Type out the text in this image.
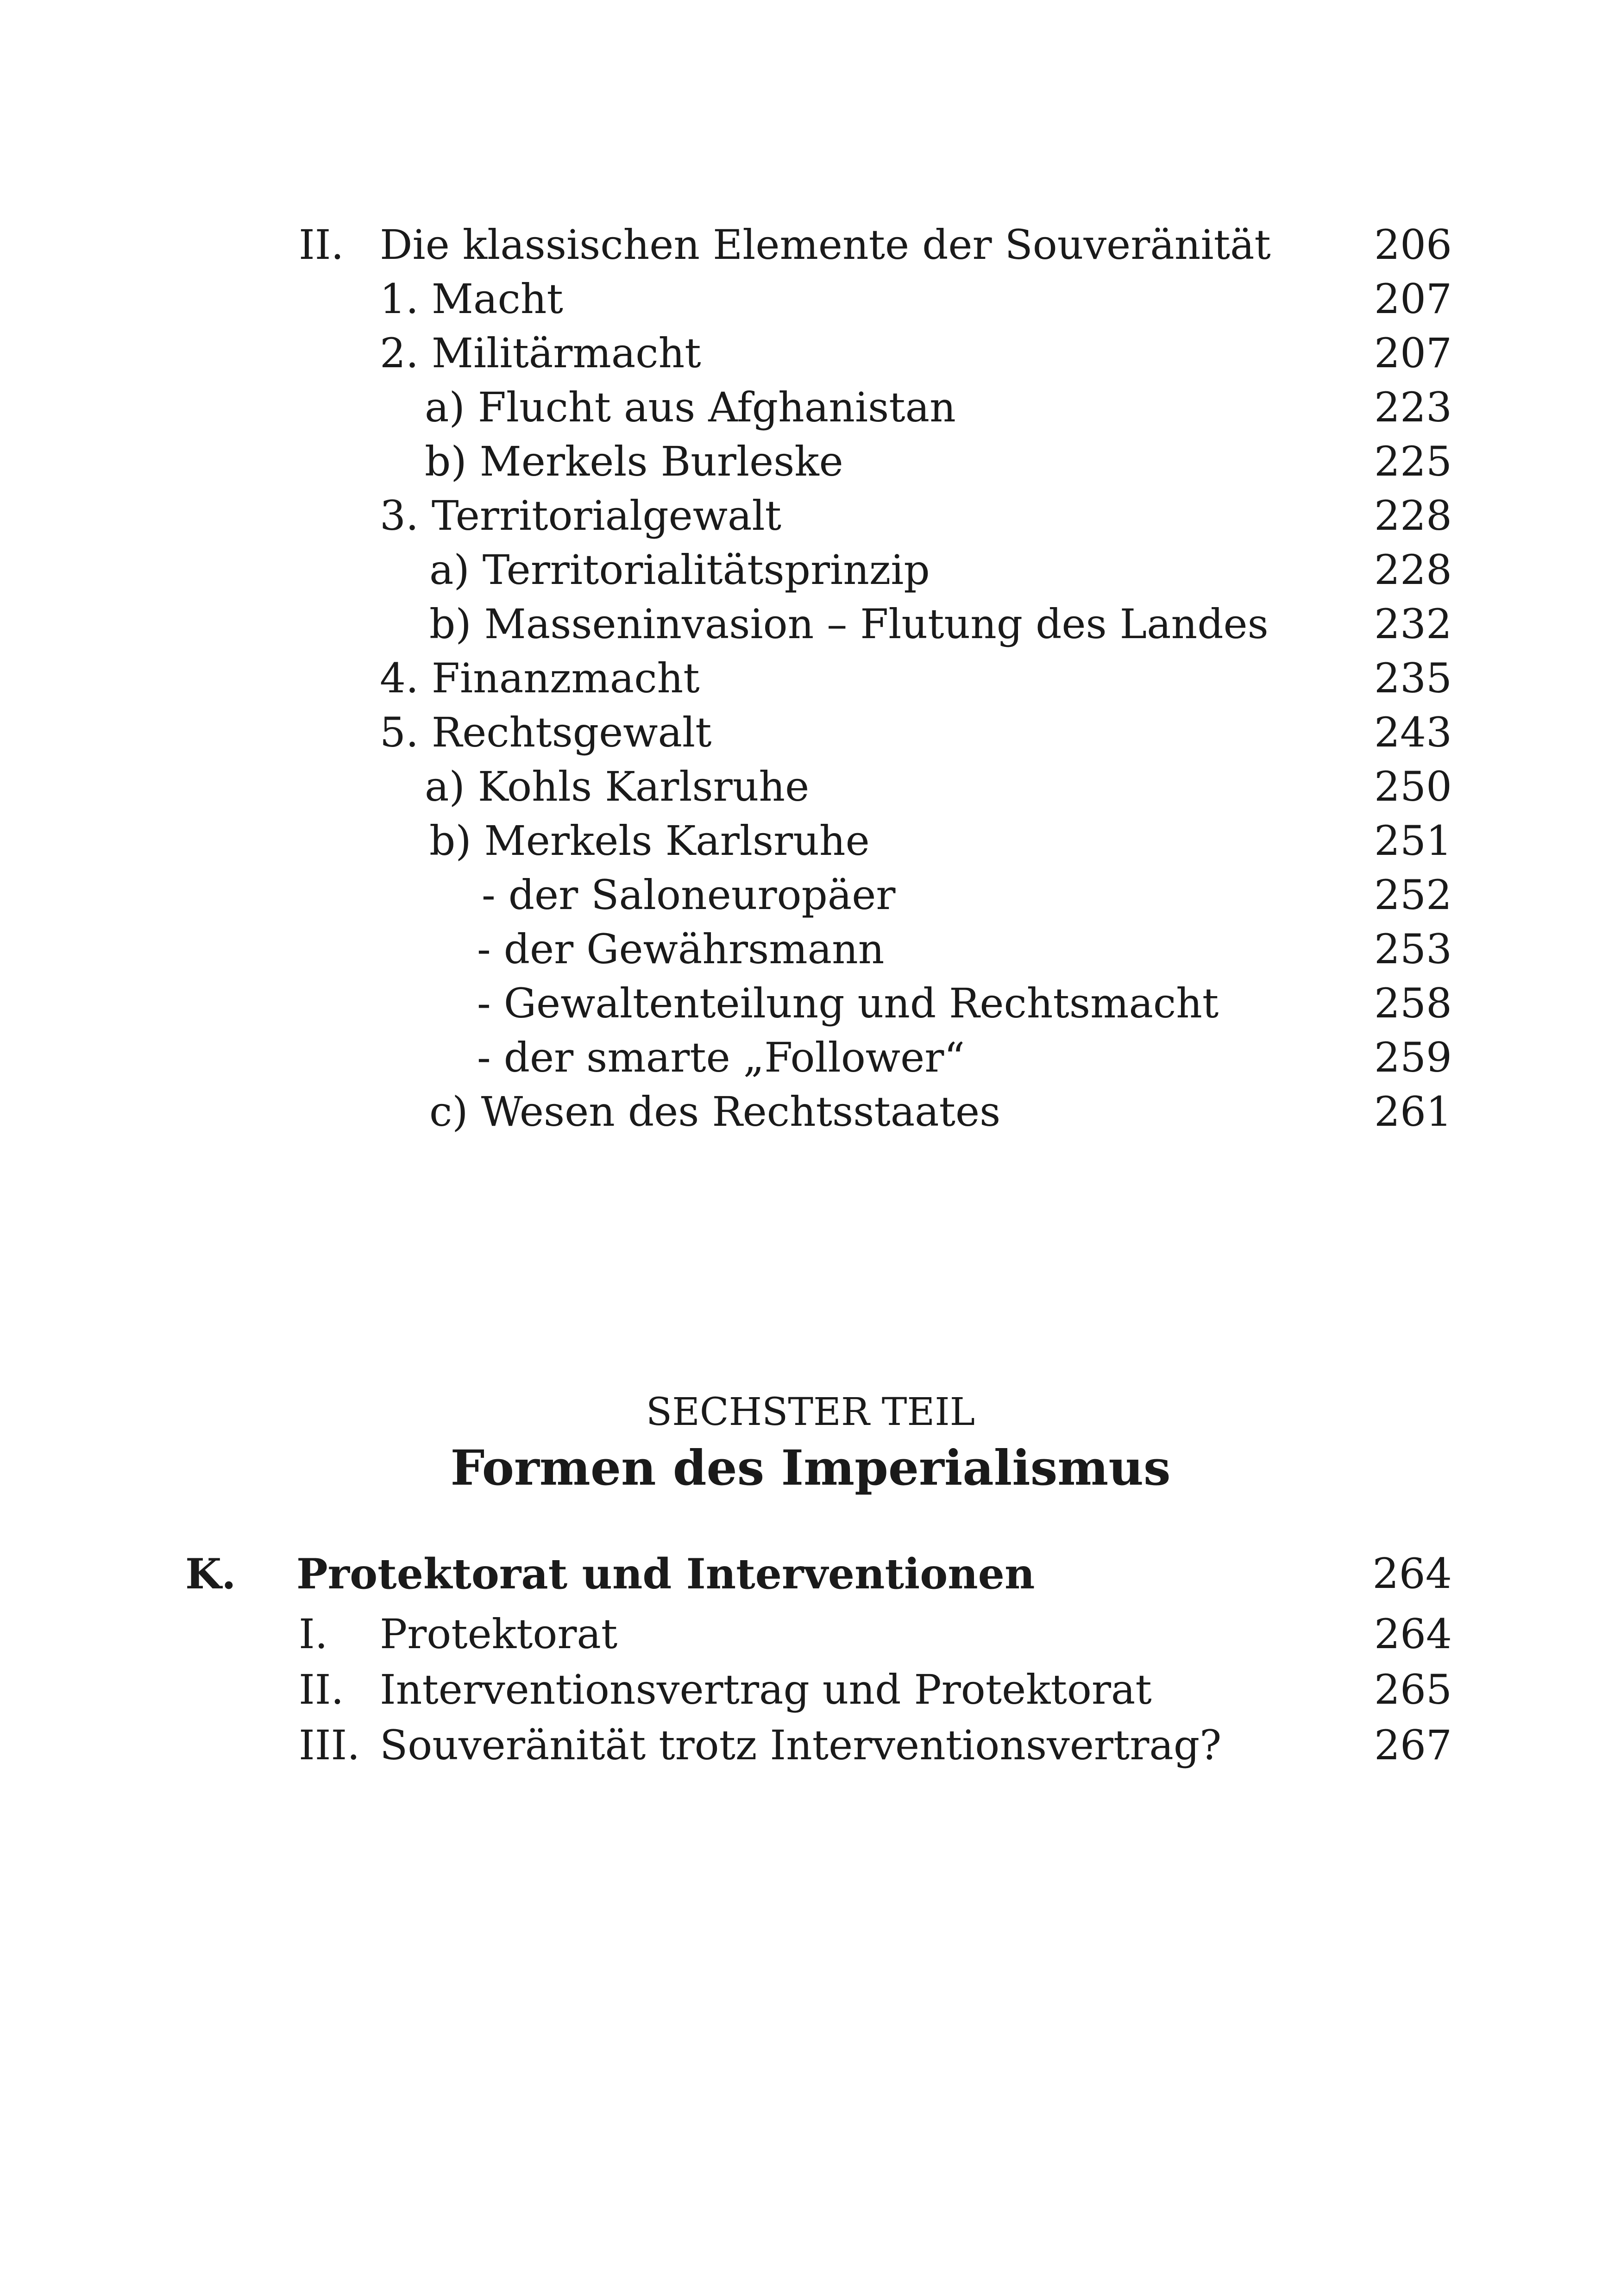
II. Die klassischen Elemente der Souveränität	206
1. Macht	207
2. Militärmacht	207
a) Flucht aus Afghanistan	223
b) Merkels Burleske	225
3. Territorialgewalt	228
a) Territorialitätsprinzip	228
b) Masseninvasion – Flutung des Landes	232
4. Finanzmacht	235
5. Rechtsgewalt	243
a) Kohls Karlsruhe	250
b) Merkels Karlsruhe	251
- der Saloneuropäer	252
- der Gewährsmann	253
- Gewaltenteilung und Rechtsmacht	258
- der smarte „Follower“	259
c) Wesen des Rechtsstaates	261
SECHSTER TEIL
Formen des Imperialismus
K. Protektorat und Interventionen	264
I. Protektorat	264
II. Interventionsvertrag und Protektorat	265
III. Souveränität trotz Interventionsvertrag?	267
